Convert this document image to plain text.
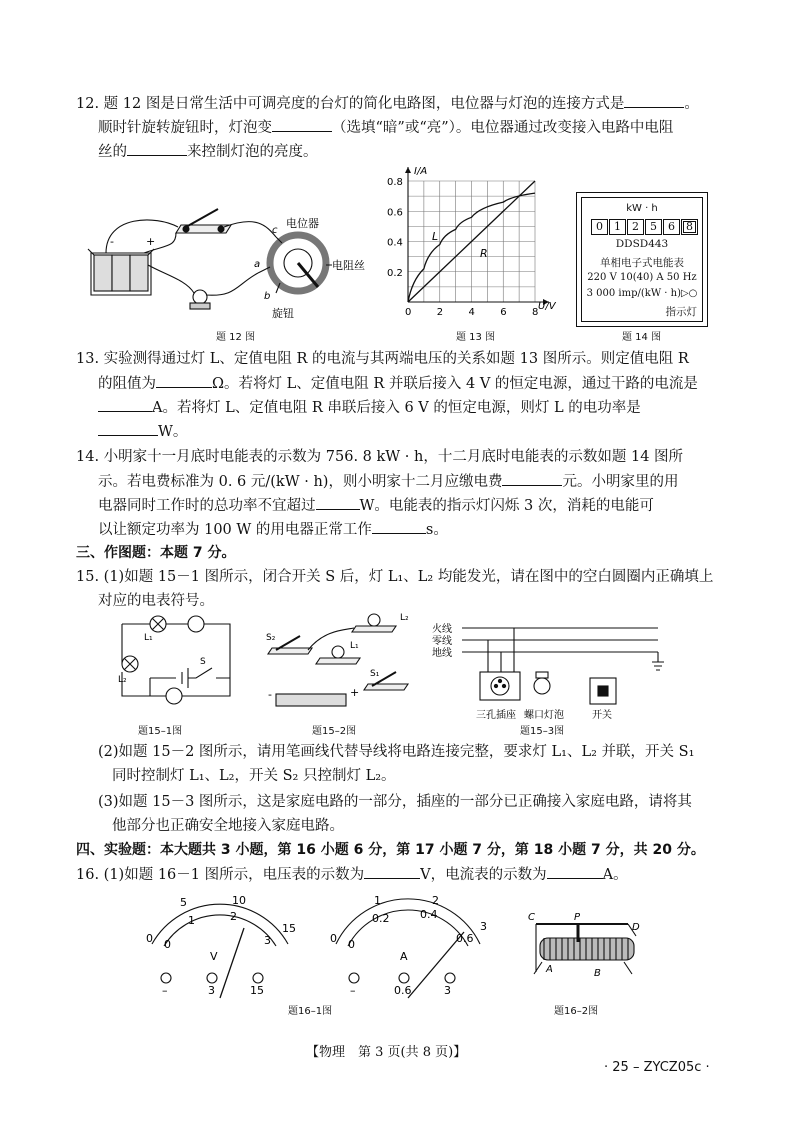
12. 题 12 图是日常生活中可调亮度的台灯的简化电路图，电位器与灯泡的连接方式是	。
顺时针旋转旋钮时，灯泡变	（选填“暗”或“亮”）。电位器通过改变接入电路中电阻
丝的	来控制灯泡的亮度。
-	+
c
a
b
电位器
电阻丝
旋钮
题 12 图
0	2	4	6	8
0.2
0.4
0.6
0.8
I/A
U/V
L
R
题 13 图
kW · h
0	1	2	5	6	8
DDSD443
单相电子式电能表
220 V 10(40) A 50 Hz
3 000 imp/(kW · h)▷○
指示灯
题 14 图
13. 实验测得通过灯 L、定值电阻 R 的电流与其两端电压的关系如题 13 图所示。则定值电阻 R
的阻值为	Ω。若将灯 L、定值电阻 R 并联后接入 4 V 的恒定电源，通过干路的电流是
A。若将灯 L、定值电阻 R 串联后接入 6 V 的恒定电源，则灯 L 的电功率是
W。
14. 小明家十一月底时电能表的示数为 756. 8 kW · h，十二月底时电能表的示数如题 14 图所
示。若电费标准为 0. 6 元/(kW · h)，则小明家十二月应缴电费	元。小明家里的用
电器同时工作时的总功率不宜超过	W。电能表的指示灯闪烁 3 次，消耗的电能可
以让额定功率为 100 W 的用电器正常工作	s。
三、作图题：本题 7 分。
15. (1)如题 15－1 图所示，闭合开关 S 后，灯 L₁、L₂ 均能发光，请在图中的空白圆圈内正确填上
对应的电表符号。
L₁
L₂
S
题15–1图
S₂
L₂
L₁
S₁
-	+
题15–2图
火线
零线
地线
三孔插座 螺口灯泡	开关
题15–3图
(2)如题 15－2 图所示，请用笔画线代替导线将电路连接完整，要求灯 L₁、L₂ 并联，开关 S₁
同时控制灯 L₁、L₂，开关 S₂ 只控制灯 L₂。
(3)如题 15－3 图所示，这是家庭电路的一部分，插座的一部分已正确接入家庭电路，请将其
他部分也正确安全地接入家庭电路。
四、实验题：本大题共 3 小题，第 16 小题 6 分，第 17 小题 7 分，第 18 小题 7 分，共 20 分。
16. (1)如题 16－1 图所示，电压表的示数为	V，电流表的示数为	A。
0
5	10
15
0
1	2
3
V
–	3	15
题16–1图
0
1	2
3
0
0.2	0.4
0.6
A
–	0.6	3
C	P
D
A	B
题16–2图
【物理　第 3 页(共 8 页)】
· 25 – ZYCZ05c ·
